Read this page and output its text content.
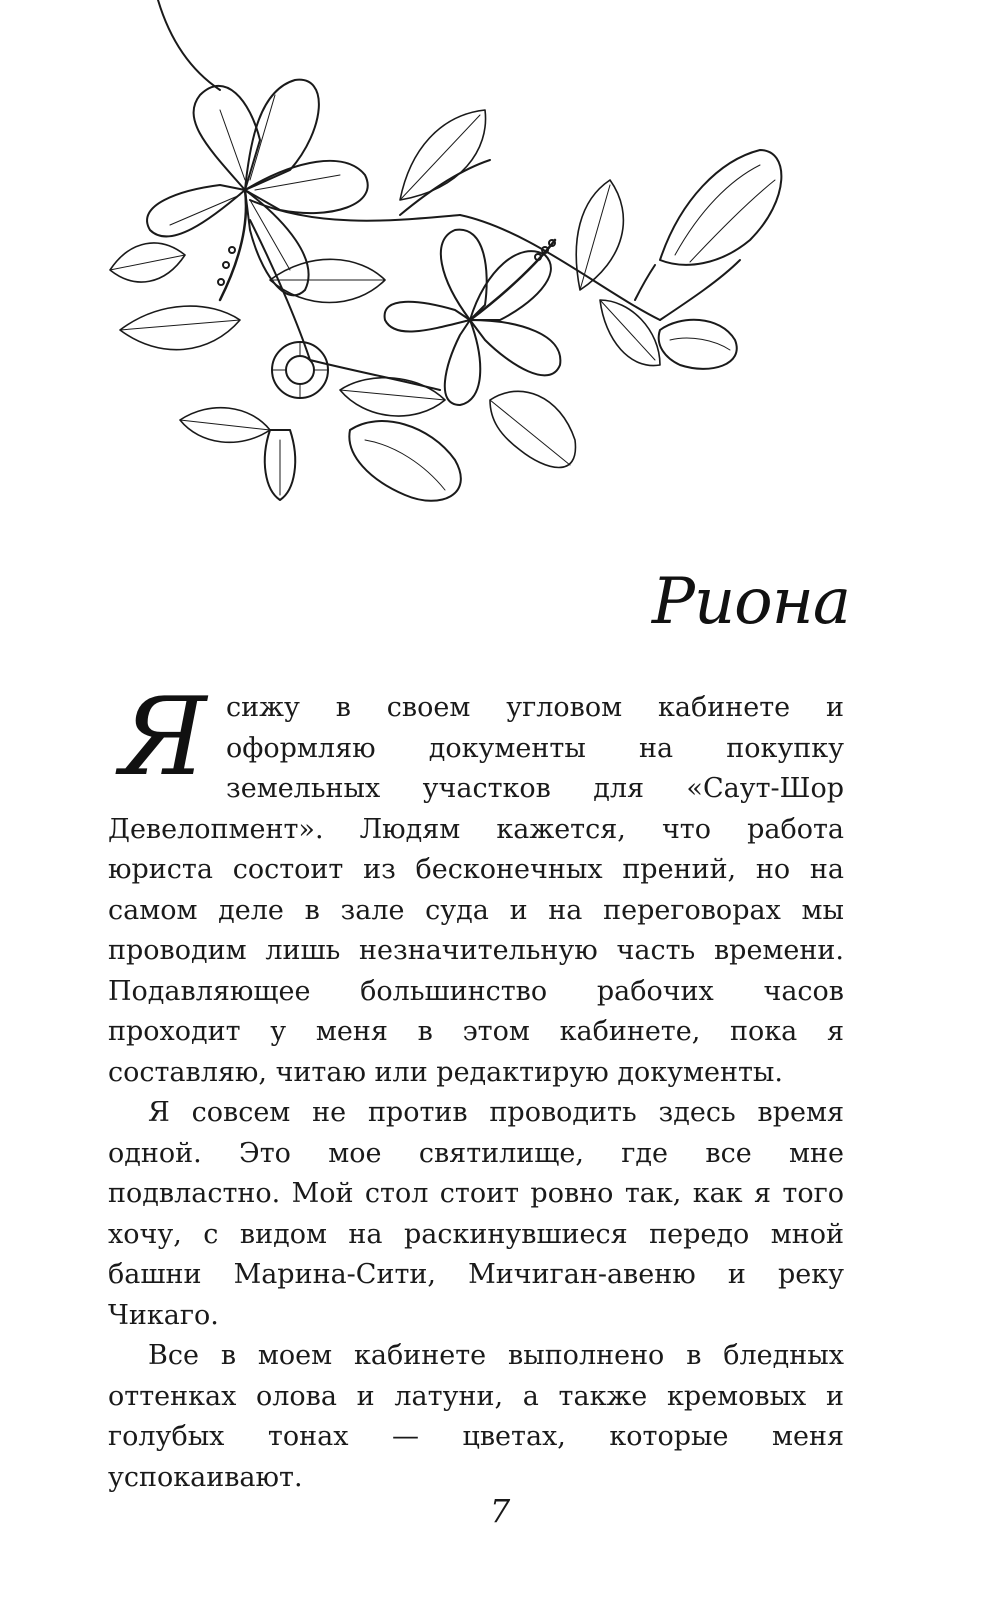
Риона

Ясижу в своем угловом кабинете и оформляю документы на покупку земельных участков для «Саут-Шор Девелопмент». Людям кажется, что работа юриста состоит из бесконечных прений, но на самом деле в зале суда и на переговорах мы проводим лишь незначительную часть времени. Подавляющее большинство рабочих часов проходит у меня в этом кабинете, пока я составляю, читаю или редактирую документы.

Я совсем не против проводить здесь время одной. Это мое святилище, где все мне подвластно. Мой стол стоит ровно так, как я того хочу, с видом на раскинувшиеся передо мной башни Марина-Сити, Мичиган-авеню и реку Чикаго.

Все в моем кабинете выполнено в бледных оттенках олова и латуни, а также кремовых и голубых тонах — цветах, которые меня успокаивают.

7
